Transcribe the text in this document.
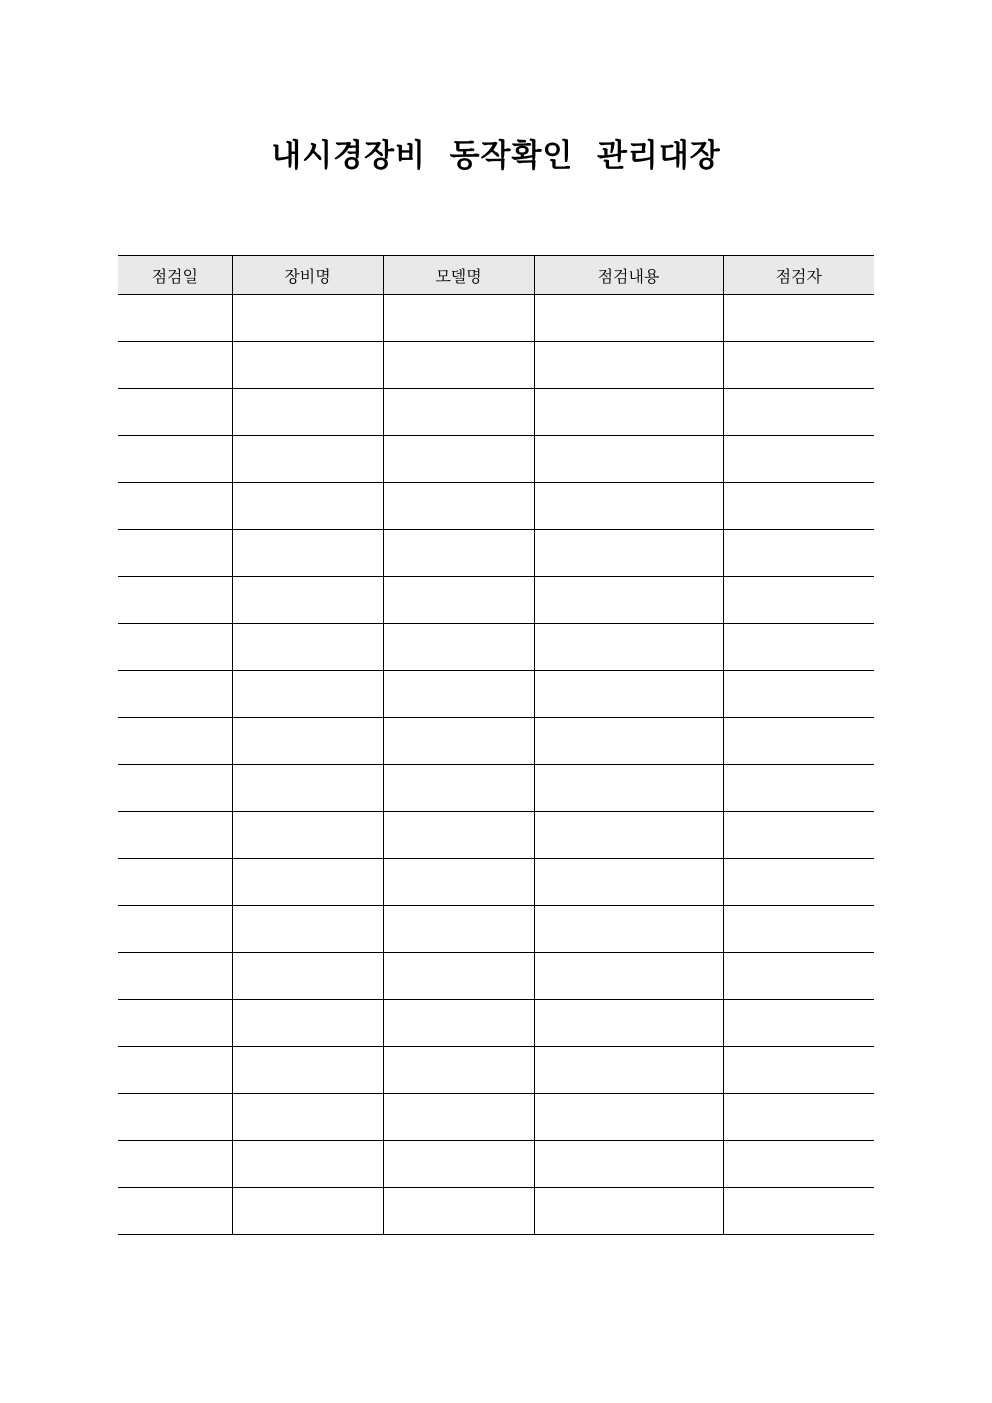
내시경장비  동작확인  관리대장
점검일	장비명	모델명	점검내용	점검자
